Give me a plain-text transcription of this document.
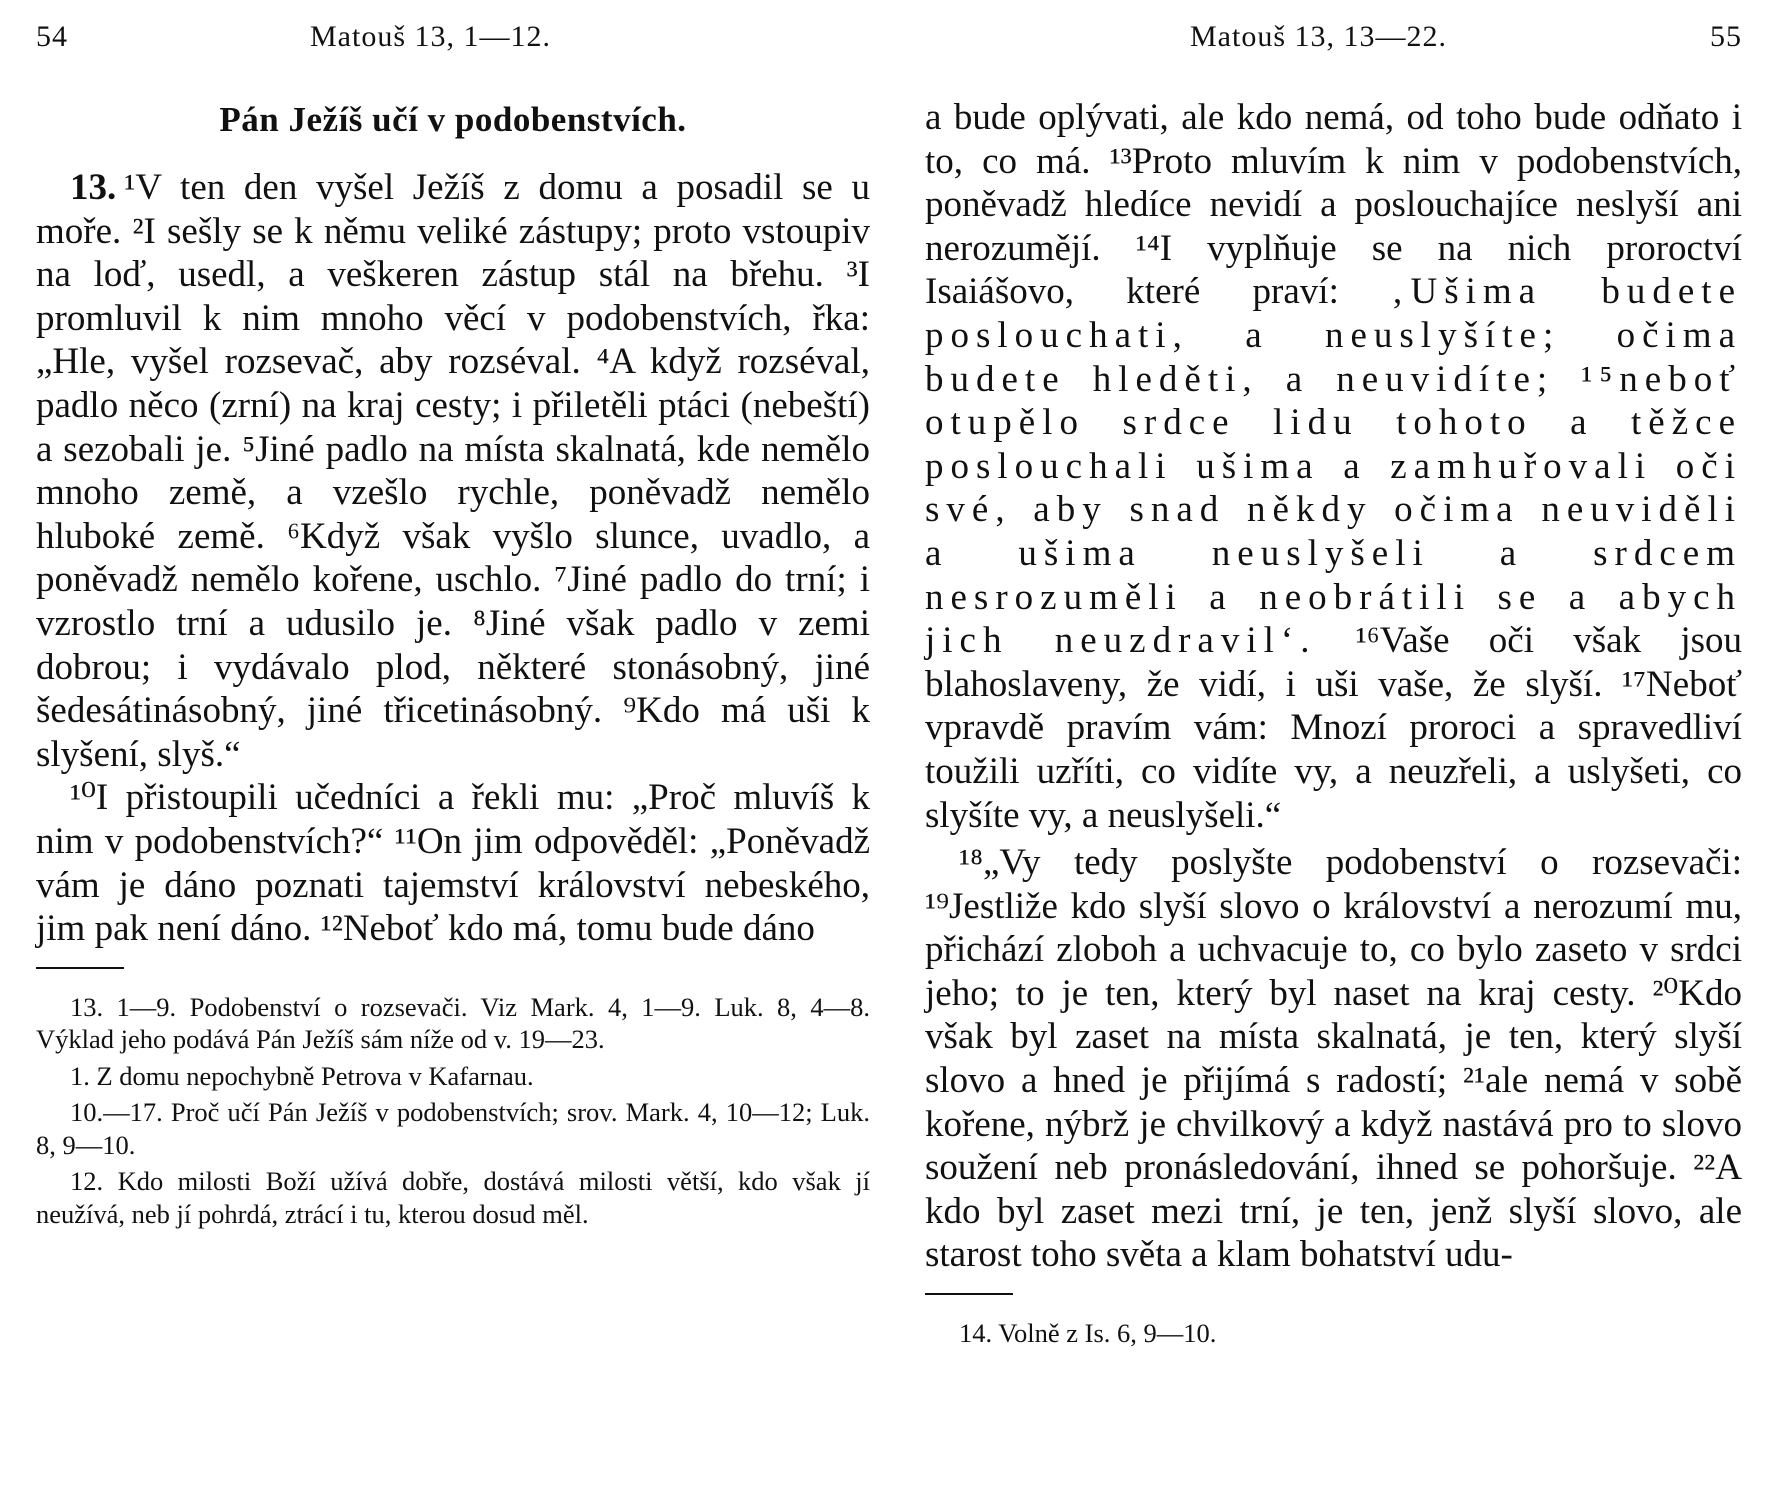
54	Matouš 13, 1—12.
Pán Ježíš učí v podobenstvích.

13. ¹V ten den vyšel Ježíš z domu a posadil se u moře. ²I sešly se k němu veliké zástupy; proto vstoupiv na loď, usedl, a veškeren zástup stál na břehu. ³I promluvil k nim mnoho věcí v podobenstvích, řka: „Hle, vyšel rozsevač, aby rozséval. ⁴A když rozséval, padlo něco (zrní) na kraj cesty; i přiletěli ptáci (nebeští) a sezobali je. ⁵Jiné padlo na místa skalnatá, kde nemělo mnoho země, a vzešlo rychle, poněvadž nemělo hluboké země. ⁶Když však vyšlo slunce, uvadlo, a poněvadž nemělo kořene, uschlo. ⁷Jiné padlo do trní; i vzrostlo trní a udusilo je. ⁸Jiné však padlo v zemi dobrou; i vydávalo plod, některé stonásobný, jiné šedesátinásobný, jiné třicetinásobný. ⁹Kdo má uši k slyšení, slyš.“

¹⁰I přistoupili učedníci a řekli mu: „Proč mluvíš k nim v podobenstvích?“ ¹¹On jim odpověděl: „Poněvadž vám je dáno poznati tajemství království nebeského, jim pak není dáno. ¹²Neboť kdo má, tomu bude dáno

13. 1—9. Podobenství o rozsevači. Viz Mark. 4, 1—9. Luk. 8, 4—8. Výklad jeho podává Pán Ježíš sám níže od v. 19—23.

1. Z domu nepochybně Petrova v Kafarnau.

10.—17. Proč učí Pán Ježíš v podobenstvích; srov. Mark. 4, 10—12; Luk. 8, 9—10.

12. Kdo milosti Boží užívá dobře, dostává milosti větší, kdo však jí neužívá, neb jí pohrdá, ztrácí i tu, kterou dosud měl.

Matouš 13, 13—22.	55

a bude oplývati, ale kdo nemá, od toho bude odňato i to, co má. ¹³Proto mluvím k nim v podobenstvích, poněvadž hledíce nevidí a poslouchajíce neslyší ani nerozumějí. ¹⁴I vyplňuje se na nich proroctví Isaiášovo, které praví: ‚Ušima budete poslouchati, a neuslyšíte; očima budete hleděti, a neuvidíte; ¹⁵neboť otupělo srdce lidu tohoto a těžce poslouchali ušima a zamhuřovali oči své, aby snad někdy očima neuviděli a ušima neuslyšeli a srdcem nesrozuměli a neobrátili se a abych jich neuzdravil‘. ¹⁶Vaše oči však jsou blahoslaveny, že vidí, i uši vaše, že slyší. ¹⁷Neboť vpravdě pravím vám: Mnozí proroci a spravedliví toužili uzříti, co vidíte vy, a neuzřeli, a uslyšeti, co slyšíte vy, a neuslyšeli.“

¹⁸„Vy tedy poslyšte podobenství o rozsevači: ¹⁹Jestliže kdo slyší slovo o království a nerozumí mu, přichází zloboh a uchvacuje to, co bylo zaseto v srdci jeho; to je ten, který byl naset na kraj cesty. ²⁰Kdo však byl zaset na místa skalnatá, je ten, který slyší slovo a hned je přijímá s radostí; ²¹ale nemá v sobě kořene, nýbrž je chvilkový a když nastává pro to slovo soužení neb pronásledování, ihned se pohoršuje. ²²A kdo byl zaset mezi trní, je ten, jenž slyší slovo, ale starost toho světa a klam bohatství udu-

14. Volně z Is. 6, 9—10.
